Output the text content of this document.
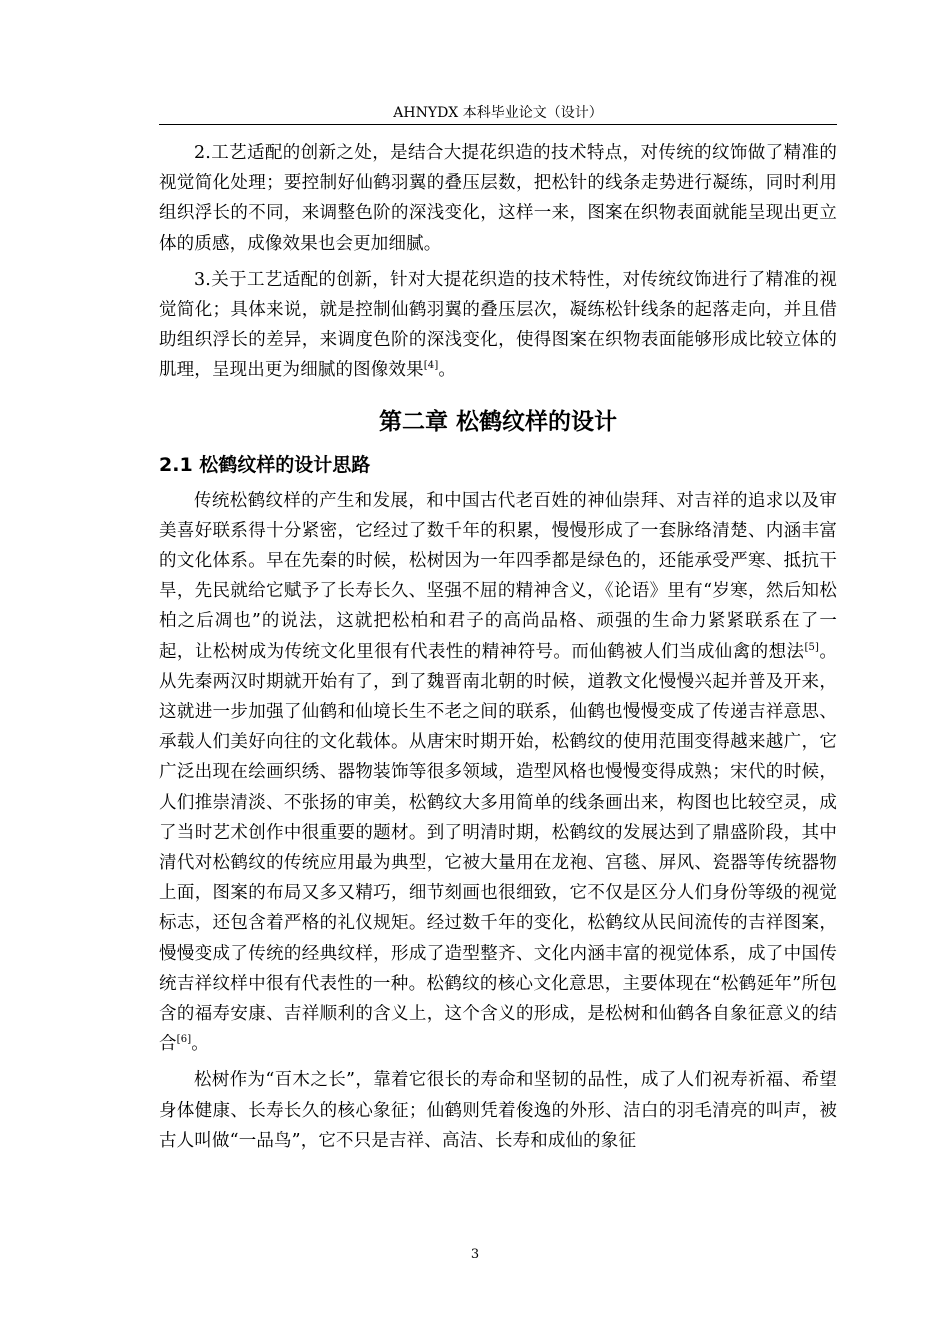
AHNYDX 本科毕业论文（设计）

2.工艺适配的创新之处，是结合大提花织造的技术特点，对传统的纹饰做了精准的视觉简化处理；要控制好仙鹤羽翼的叠压层数，把松针的线条走势进行凝练，同时利用组织浮长的不同，来调整色阶的深浅变化，这样一来，图案在织物表面就能呈现出更立体的质感，成像效果也会更加细腻。

3.关于工艺适配的创新，针对大提花织造的技术特性，对传统纹饰进行了精准的视觉简化；具体来说，就是控制仙鹤羽翼的叠压层次，凝练松针线条的起落走向，并且借助组织浮长的差异，来调度色阶的深浅变化，使得图案在织物表面能够形成比较立体的肌理，呈现出更为细腻的图像效果[4]。

第二章 松鹤纹样的设计
2.1 松鹤纹样的设计思路

传统松鹤纹样的产生和发展，和中国古代老百姓的神仙崇拜、对吉祥的追求以及审美喜好联系得十分紧密，它经过了数千年的积累，慢慢形成了一套脉络清楚、内涵丰富的文化体系。早在先秦的时候，松树因为一年四季都是绿色的，还能承受严寒、抵抗干旱，先民就给它赋予了长寿长久、坚强不屈的精神含义，《论语》里有“岁寒，然后知松柏之后凋也”的说法，这就把松柏和君子的高尚品格、顽强的生命力紧紧联系在了一起，让松树成为传统文化里很有代表性的精神符号。而仙鹤被人们当成仙禽的想法[5]。从先秦两汉时期就开始有了，到了魏晋南北朝的时候，道教文化慢慢兴起并普及开来，这就进一步加强了仙鹤和仙境长生不老之间的联系，仙鹤也慢慢变成了传递吉祥意思、承载人们美好向往的文化载体。从唐宋时期开始，松鹤纹的使用范围变得越来越广，它广泛出现在绘画织绣、器物装饰等很多领域，造型风格也慢慢变得成熟；宋代的时候，人们推崇清淡、不张扬的审美，松鹤纹大多用简单的线条画出来，构图也比较空灵，成了当时艺术创作中很重要的题材。到了明清时期，松鹤纹的发展达到了鼎盛阶段，其中清代对松鹤纹的传统应用最为典型，它被大量用在龙袍、宫毯、屏风、瓷器等传统器物上面，图案的布局又多又精巧，细节刻画也很细致，它不仅是区分人们身份等级的视觉标志，还包含着严格的礼仪规矩。经过数千年的变化，松鹤纹从民间流传的吉祥图案，慢慢变成了传统的经典纹样，形成了造型整齐、文化内涵丰富的视觉体系，成了中国传统吉祥纹样中很有代表性的一种。松鹤纹的核心文化意思，主要体现在“松鹤延年”所包含的福寿安康、吉祥顺利的含义上，这个含义的形成，是松树和仙鹤各自象征意义的结合[6]。

松树作为“百木之长”，靠着它很长的寿命和坚韧的品性，成了人们祝寿祈福、希望身体健康、长寿长久的核心象征；仙鹤则凭着俊逸的外形、洁白的羽毛清亮的叫声，被古人叫做“一品鸟”，它不只是吉祥、高洁、长寿和成仙的象征

3
